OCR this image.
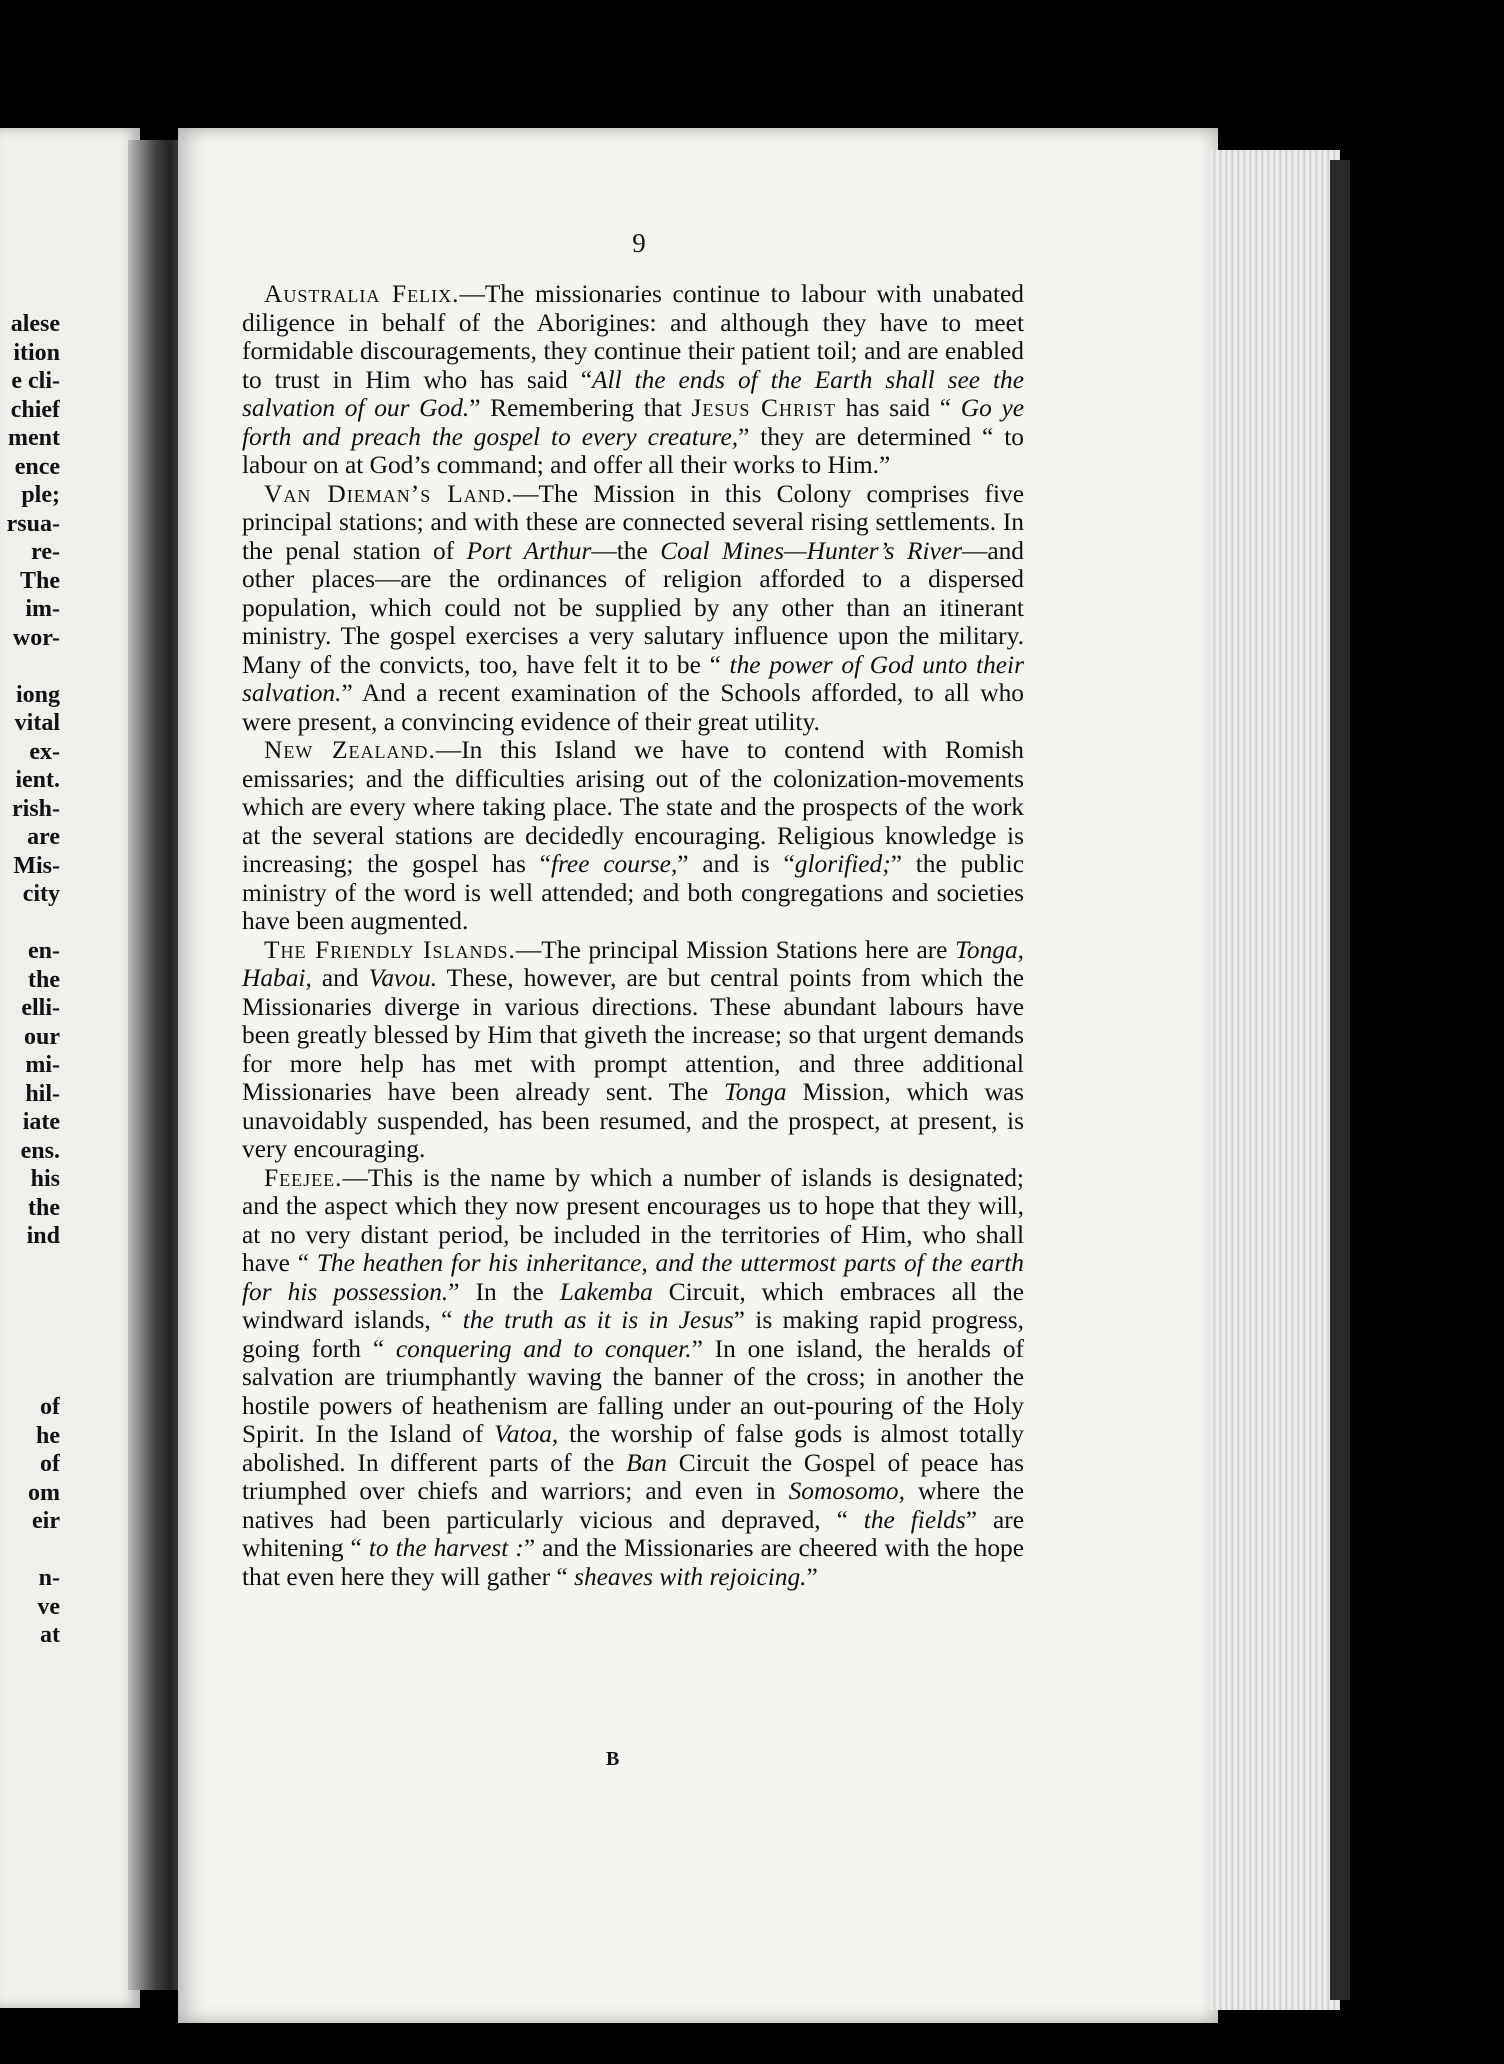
alese
ition
e cli-
chief
ment
ence
ple;
rsua-
re-
The
im-
wor-
iong
vital
ex-
ient.
rish-
are
Mis-
city
en-
the
elli-
our
mi-
hil-
iate
ens.
his
the
ind
of
he
of
om
eir
n-
ve
at
9

Australia Felix.—The missionaries continue to labour with unabated diligence in behalf of the Aborigines: and although they have to meet formidable discouragements, they continue their patient toil; and are enabled to trust in Him who has said “All the ends of the Earth shall see the salvation of our God.” Remembering that Jesus Christ has said “ Go ye forth and preach the gospel to every creature,” they are determined “ to labour on at God’s command; and offer all their works to Him.”

Van Dieman’s Land.—The Mission in this Colony comprises five principal stations; and with these are connected several rising settlements. In the penal station of Port Arthur—the Coal Mines—Hunter’s River—and other places—are the ordinances of religion afforded to a dispersed population, which could not be supplied by any other than an itinerant ministry. The gospel exercises a very salutary influence upon the military. Many of the convicts, too, have felt it to be “ the power of God unto their salvation.” And a recent examination of the Schools afforded, to all who were present, a convincing evidence of their great utility.

New Zealand.—In this Island we have to contend with Romish emissaries; and the difficulties arising out of the colonization-movements which are every where taking place. The state and the prospects of the work at the several stations are decidedly encouraging. Religious knowledge is increasing; the gospel has “free course,” and is “glorified;” the public ministry of the word is well attended; and both congregations and societies have been augmented.

The Friendly Islands.—The principal Mission Stations here are Tonga, Habai, and Vavou. These, however, are but central points from which the Missionaries diverge in various directions. These abundant labours have been greatly blessed by Him that giveth the increase; so that urgent demands for more help has met with prompt attention, and three additional Missionaries have been already sent. The Tonga Mission, which was unavoidably suspended, has been resumed, and the prospect, at present, is very encouraging.

Feejee.—This is the name by which a number of islands is designated; and the aspect which they now present encourages us to hope that they will, at no very distant period, be included in the territories of Him, who shall have “ The heathen for his inheritance, and the uttermost parts of the earth for his possession.” In the Lakemba Circuit, which embraces all the windward islands, “ the truth as it is in Jesus” is making rapid progress, going forth “ conquering and to conquer.” In one island, the heralds of salvation are triumphantly waving the banner of the cross; in another the hostile powers of heathenism are falling under an out-pouring of the Holy Spirit. In the Island of Vatoa, the worship of false gods is almost totally abolished. In different parts of the Ban Circuit the Gospel of peace has triumphed over chiefs and warriors; and even in Somosomo, where the natives had been particularly vicious and depraved, “ the fields” are whitening “ to the harvest :” and the Missionaries are cheered with the hope that even here they will gather “ sheaves with rejoicing.”

B
